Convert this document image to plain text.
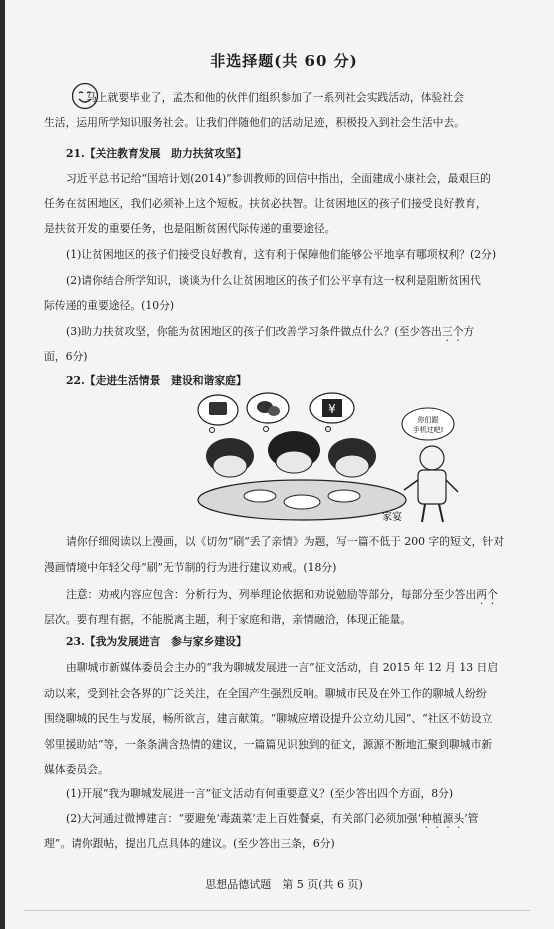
非选择题(共 60 分)
马上就要毕业了，孟杰和他的伙伴们组织参加了一系列社会实践活动，体验社会
生活，运用所学知识服务社会。让我们伴随他们的活动足迹，积极投入到社会生活中去。
21.【关注教育发展　助力扶贫攻坚】
习近平总书记给“国培计划(2014)”参训教师的回信中指出，全面建成小康社会，最艰巨的
任务在贫困地区，我们必须补上这个短板。扶贫必扶智。让贫困地区的孩子们接受良好教育，
是扶贫开发的重要任务，也是阻断贫困代际传递的重要途径。
(1)让贫困地区的孩子们接受良好教育，这有利于保障他们能够公平地享有哪项权利？(2分)
(2)请你结合所学知识，谈谈为什么让贫困地区的孩子们公平享有这一权利是阻断贫困代
际传递的重要途径。(10分)
(3)助力扶贫攻坚，你能为贫困地区的孩子们改善学习条件做点什么？(至少答出三个方
面，6分)
22.【走进生活情景　建设和谐家庭】
¥
你们跟
手机过吧!
家宴
请你仔细阅读以上漫画，以《切勿“刷”丢了亲情》为题，写一篇不低于 200 字的短文，针对
漫画情境中年轻父母“刷”无节制的行为进行建议劝戒。(18分)
注意：劝戒内容应包含：分析行为、列举理论依据和劝说勉励等部分，每部分至少答出两个
层次。要有理有据，不能脱离主题，利于家庭和谐，亲情融洽，体现正能量。
23.【我为发展进言　参与家乡建设】
由聊城市新媒体委员会主办的“我为聊城发展进一言”征文活动，自 2015 年 12 月 13 日启
动以来，受到社会各界的广泛关注，在全国产生强烈反响。聊城市民及在外工作的聊城人纷纷
围绕聊城的民生与发展，畅所欲言，建言献策。“聊城应增设提升公立幼儿园”、“社区不妨设立
邻里援助站”等，一条条满含热情的建议，一篇篇见识独到的征文，源源不断地汇聚到聊城市新
媒体委员会。
(1)开展“我为聊城发展进一言”征文活动有何重要意义？(至少答出四个方面，8分)
(2)大河通过微博建言：“要避免‘毒蔬菜’走上百姓餐桌，有关部门必须加强‘种植源头’管
理”。请你跟帖，提出几点具体的建议。(至少答出三条，6分)
思想品德试题　第 5 页(共 6 页)
